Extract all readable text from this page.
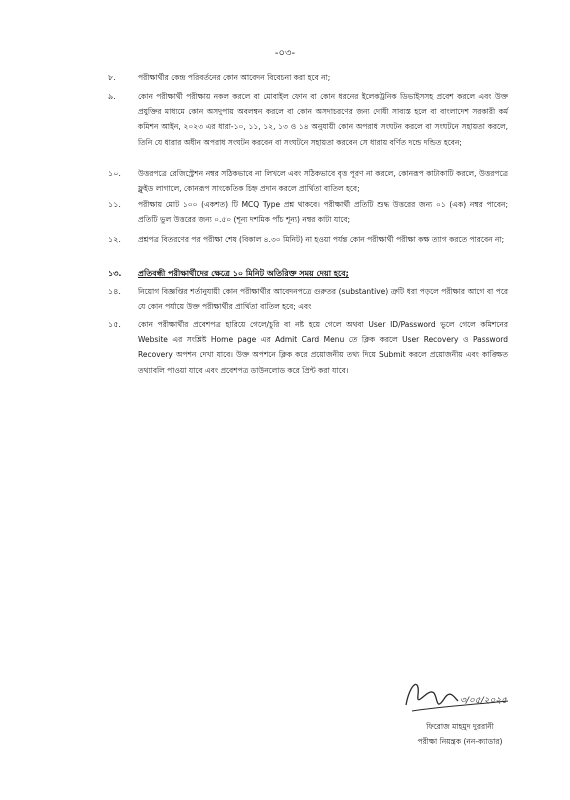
-০৩-
৮.	পরীক্ষার্থীর কেন্দ্র পরিবর্তনের কোন আবেদন বিবেচনা করা হবে না;
৯.	কোন পরীক্ষার্থী পরীক্ষায় নকল করলে বা মোবাইল ফোন বা কোন ধরনের ইলেকট্রনিক ডিভাইসসহ প্রবেশ করলে এবং উক্ত প্রযুক্তির মাধ্যমে কোন অসদুপায় অবলম্বন করলে বা কোন অসদাচরণের জন্য দোষী সাব্যস্ত হলে বা বাংলাদেশ সরকারী কর্ম কমিশন আইন, ২০২৩ এর ধারা-১০, ১১, ১২, ১৩ ও ১৪ অনুযায়ী কোন অপরাধ সংঘটন করলে বা সংঘটনে সহায়তা করলে, তিনি যে ধারার অধীন অপরাধ সংঘটন করবেন বা সংঘটনে সহায়তা করবেন সে ধারায় বর্ণিত দন্ডে দন্ডিত হবেন;
১০.	উত্তরপত্রে রেজিস্ট্রেশন নম্বর সঠিকভাবে না লিখলে এবং সঠিকভাবে বৃত্ত পূরণ না করলে, কোনরূপ কাটাকাটি করলে, উত্তরপত্রে ফ্লুইড লাগালে, কোনরূপ সাংকেতিক চিহ্ন প্রদান করলে প্রার্থিতা বাতিল হবে;
১১.	পরীক্ষায় মোট ১০০ (একশত) টি MCQ Type প্রশ্ন থাকবে। পরীক্ষার্থী প্রতিটি শুদ্ধ উত্তরের জন্য ০১ (এক) নম্বর পাবেন; প্রতিটি ভুল উত্তরের জন্য ০.৫০ (শূন্য দশমিক পাঁচ শূন্য) নম্বর কাটা যাবে;
১২.	প্রশ্নপত্র বিতরণের পর পরীক্ষা শেষ (বিকাল ৪.৩০ মিনিট) না হওয়া পর্যন্ত কোন পরীক্ষার্থী পরীক্ষা কক্ষ ত্যাগ করতে পারবেন না;
১৩.	প্রতিবন্ধী পরীক্ষার্থীদের ক্ষেত্রে ১০ মিনিট অতিরিক্ত সময় দেয়া হবে;
১৪.	নিয়োগ বিজ্ঞপ্তির শর্তানুযায়ী কোন পরীক্ষার্থীর আবেদনপত্রে গুরুতর (substantive) ত্রুটি ধরা পড়লে পরীক্ষার আগে বা পরে যে কোন পর্যায়ে উক্ত পরীক্ষার্থীর প্রার্থিতা বাতিল হবে; এবং
১৫.	কোন পরীক্ষার্থীর প্রবেশপত্র হারিয়ে গেলে/চুরি বা নষ্ট হয়ে গেলে অথবা User ID/Password ভুলে গেলে কমিশনের Website এর সংশ্লিষ্ট Home page এর Admit Card Menu তে ক্লিক করলে User Recovery ও Password Recovery অপশন দেখা যাবে। উক্ত অপশনে ক্লিক করে প্রয়োজনীয় তথ্য দিয়ে Submit করলে প্রয়োজনীয় এবং কাঙ্ক্ষিত তথ্যাবলি পাওয়া যাবে এবং প্রবেশপত্র ডাউনলোড করে প্রিন্ট করা যাবে।
৩/০৫/২০২৫
ফিরোজ মাহমুদ দুররানী
পরীক্ষা নিয়ন্ত্রক (নন-ক্যাডার)
